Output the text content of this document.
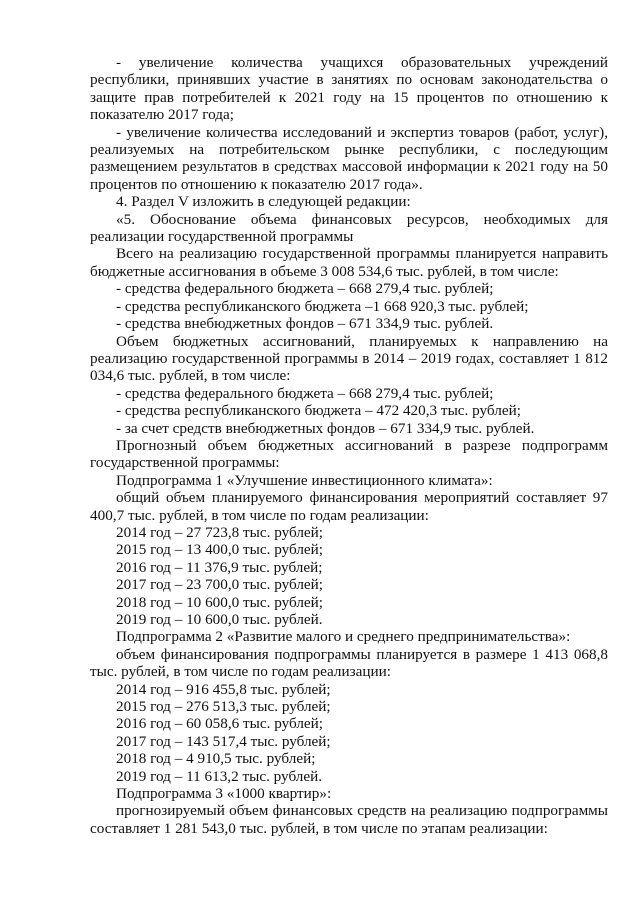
- увеличение количества учащихся образовательных учреждений республики, принявших участие в занятиях по основам законодательства о защите прав потребителей к 2021 году на 15 процентов по отношению к показателю 2017 года;

- увеличение количества исследований и экспертиз товаров (работ, услуг), реализуемых на потребительском рынке республики, с последующим размещением результатов в средствах массовой информации к 2021 году на 50 процентов по отношению к показателю 2017 года».

4. Раздел V изложить в следующей редакции:

«5. Обоснование объема финансовых ресурсов, необходимых для реализации государственной программы

Всего на реализацию государственной программы планируется направить бюджетные ассигнования в объеме 3 008 534,6 тыс. рублей, в том числе:

- средства федерального бюджета – 668 279,4 тыс. рублей;

- средства республиканского бюджета –1 668 920,3 тыс. рублей;

- средства внебюджетных фондов – 671 334,9 тыс. рублей.

Объем бюджетных ассигнований, планируемых к направлению на реализацию государственной программы в 2014 – 2019 годах, составляет 1 812 034,6 тыс. рублей, в том числе:

- средства федерального бюджета – 668 279,4 тыс. рублей;

- средства республиканского бюджета – 472 420,3 тыс. рублей;

- за счет средств внебюджетных фондов – 671 334,9 тыс. рублей.

Прогнозный объем бюджетных ассигнований в разрезе подпрограмм государственной программы:

Подпрограмма 1 «Улучшение инвестиционного климата»:

общий объем планируемого финансирования мероприятий составляет 97 400,7 тыс. рублей, в том числе по годам реализации:

2014 год – 27 723,8 тыс. рублей;

2015 год – 13 400,0 тыс. рублей;

2016 год – 11 376,9 тыс. рублей;

2017 год – 23 700,0 тыс. рублей;

2018 год – 10 600,0 тыс. рублей;

2019 год – 10 600,0 тыс. рублей.

Подпрограмма 2 «Развитие малого и среднего предпринимательства»:

объем финансирования подпрограммы планируется в размере 1 413 068,8 тыс. рублей, в том числе по годам реализации:

2014 год – 916 455,8 тыс. рублей;

2015 год – 276 513,3 тыс. рублей;

2016 год – 60 058,6 тыс. рублей;

2017 год – 143 517,4 тыс. рублей;

2018 год – 4 910,5 тыс. рублей;

2019 год – 11 613,2 тыс. рублей.

Подпрограмма 3 «1000 квартир»:

прогнозируемый объем финансовых средств на реализацию подпрограммы составляет 1 281 543,0 тыс. рублей, в том числе по этапам реализации:
